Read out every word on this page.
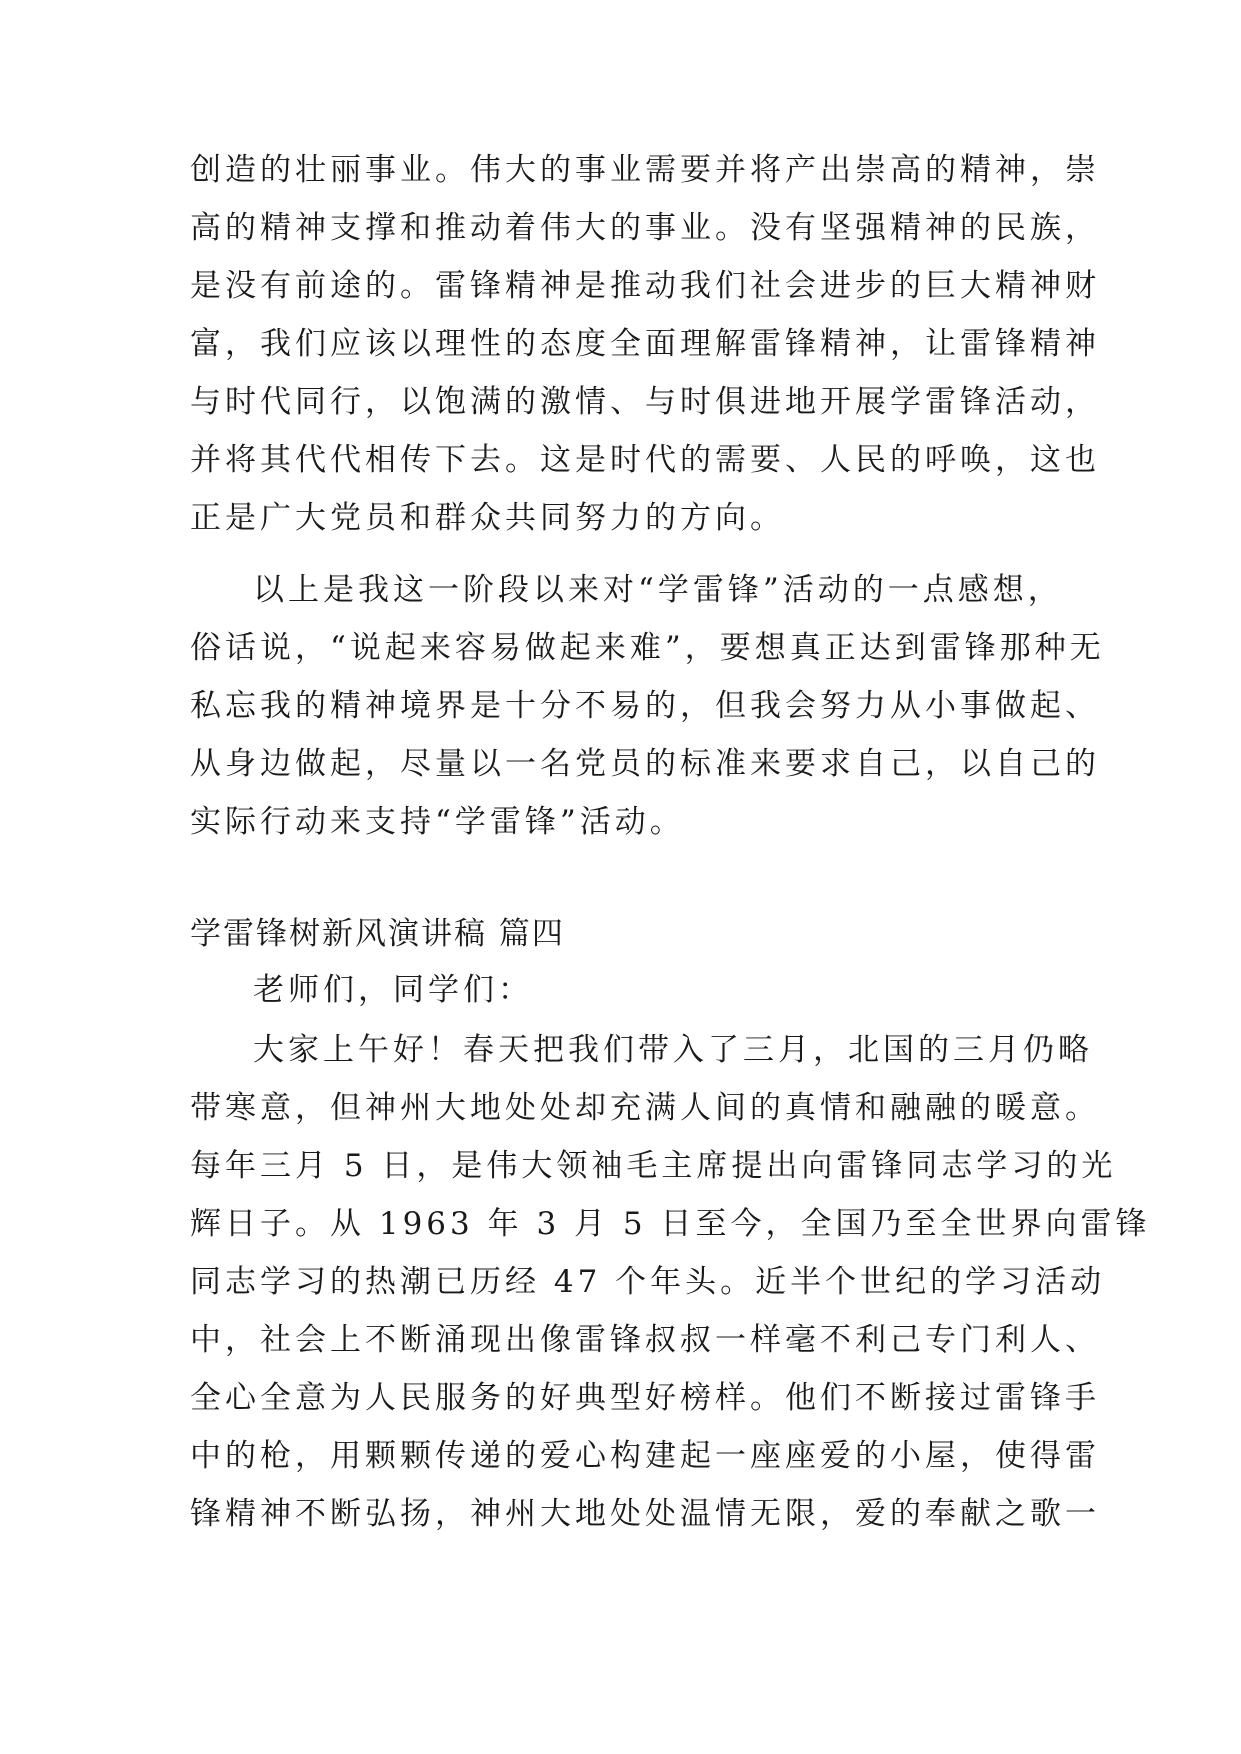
创造的壮丽事业。伟大的事业需要并将产出崇高的精神，崇
高的精神支撑和推动着伟大的事业。没有坚强精神的民族，
是没有前途的。雷锋精神是推动我们社会进步的巨大精神财
富，我们应该以理性的态度全面理解雷锋精神，让雷锋精神
与时代同行，以饱满的激情、与时俱进地开展学雷锋活动，
并将其代代相传下去。这是时代的需要、人民的呼唤，这也
正是广大党员和群众共同努力的方向。
以上是我这一阶段以来对“学雷锋”活动的一点感想，
俗话说，“说起来容易做起来难”，要想真正达到雷锋那种无
私忘我的精神境界是十分不易的，但我会努力从小事做起、
从身边做起，尽量以一名党员的标准来要求自己，以自己的
实际行动来支持“学雷锋”活动。
学雷锋树新风演讲稿 篇四
老师们，同学们：
大家上午好！春天把我们带入了三月，北国的三月仍略
带寒意，但神州大地处处却充满人间的真情和融融的暖意。
每年三月 5 日，是伟大领袖毛主席提出向雷锋同志学习的光
辉日子。从 1963 年 3 月 5 日至今，全国乃至全世界向雷锋
同志学习的热潮已历经 47 个年头。近半个世纪的学习活动
中，社会上不断涌现出像雷锋叔叔一样毫不利己专门利人、
全心全意为人民服务的好典型好榜样。他们不断接过雷锋手
中的枪，用颗颗传递的爱心构建起一座座爱的小屋，使得雷
锋精神不断弘扬，神州大地处处温情无限，爱的奉献之歌一
